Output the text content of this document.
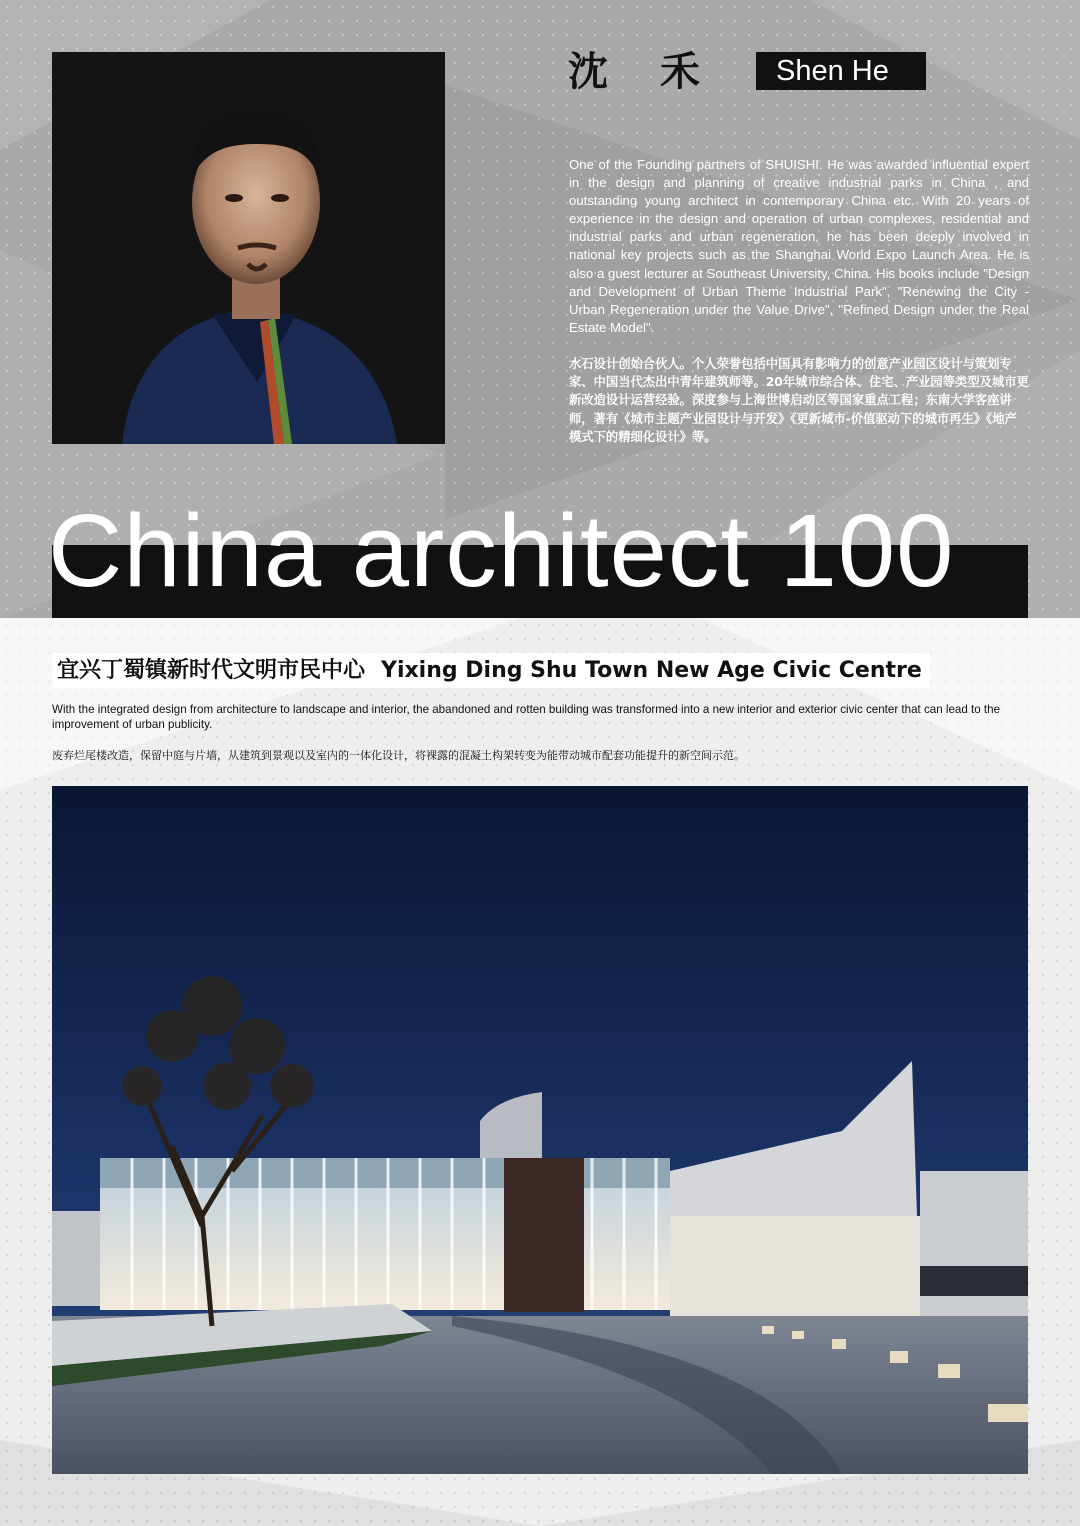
沈禾 Shen He

One of the Founding partners of SHUISHI. He was awarded influential expert in the design and planning of creative industrial parks in China , and outstanding young architect in contemporary China etc. With 20 years of experience in the design and operation of urban complexes, residential and industrial parks and urban regeneration, he has been deeply involved in national key projects such as the Shanghai World Expo Launch Area. He is also a guest lecturer at Southeast University, China. His books include "Design and Development of Urban Theme Industrial Park", "Renewing the City - Urban Regeneration under the Value Drive", "Refined Design under the Real Estate Model".

水石设计创始合伙人。个人荣誉包括中国具有影响力的创意产业园区设计与策划专家、中国当代杰出中青年建筑师等。20年城市综合体、住宅、产业园等类型及城市更新改造设计运营经验。深度参与上海世博启动区等国家重点工程；东南大学客座讲师，著有《城市主题产业园设计与开发》《更新城市-价值驱动下的城市再生》《地产模式下的精细化设计》等。

China architect 100
宜兴丁蜀镇新时代文明市民中心 Yixing Ding Shu Town New Age Civic Centre

With the integrated design from architecture to landscape and interior, the abandoned and rotten building was transformed into a new interior and exterior civic center that can lead to the improvement of urban publicity.

废弃烂尾楼改造，保留中庭与片墙，从建筑到景观以及室内的一体化设计，将裸露的混凝土构架转变为能带动城市配套功能提升的新空间示范。
